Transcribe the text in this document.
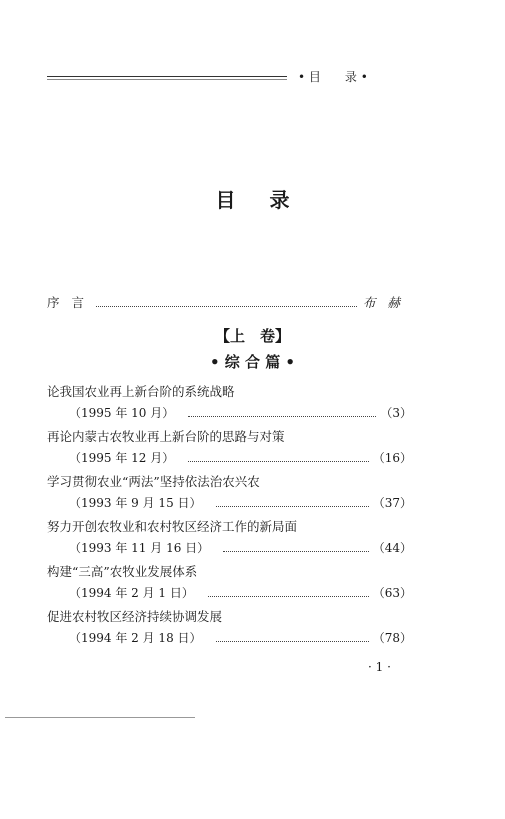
• 目　　录 •
目录
序言	布赫
【上　卷】
• 综 合 篇 •
论我国农业再上新台阶的系统战略
（1995 年 10 月）	（3）
再论内蒙古农牧业再上新台阶的思路与对策
（1995 年 12 月）	（16）
学习贯彻农业“两法”坚持依法治农兴农
（1993 年 9 月 15 日）	（37）
努力开创农牧业和农村牧区经济工作的新局面
（1993 年 11 月 16 日）	（44）
构建“三高”农牧业发展体系
（1994 年 2 月 1 日）	（63）
促进农村牧区经济持续协调发展
（1994 年 2 月 18 日）	（78）
· 1 ·
